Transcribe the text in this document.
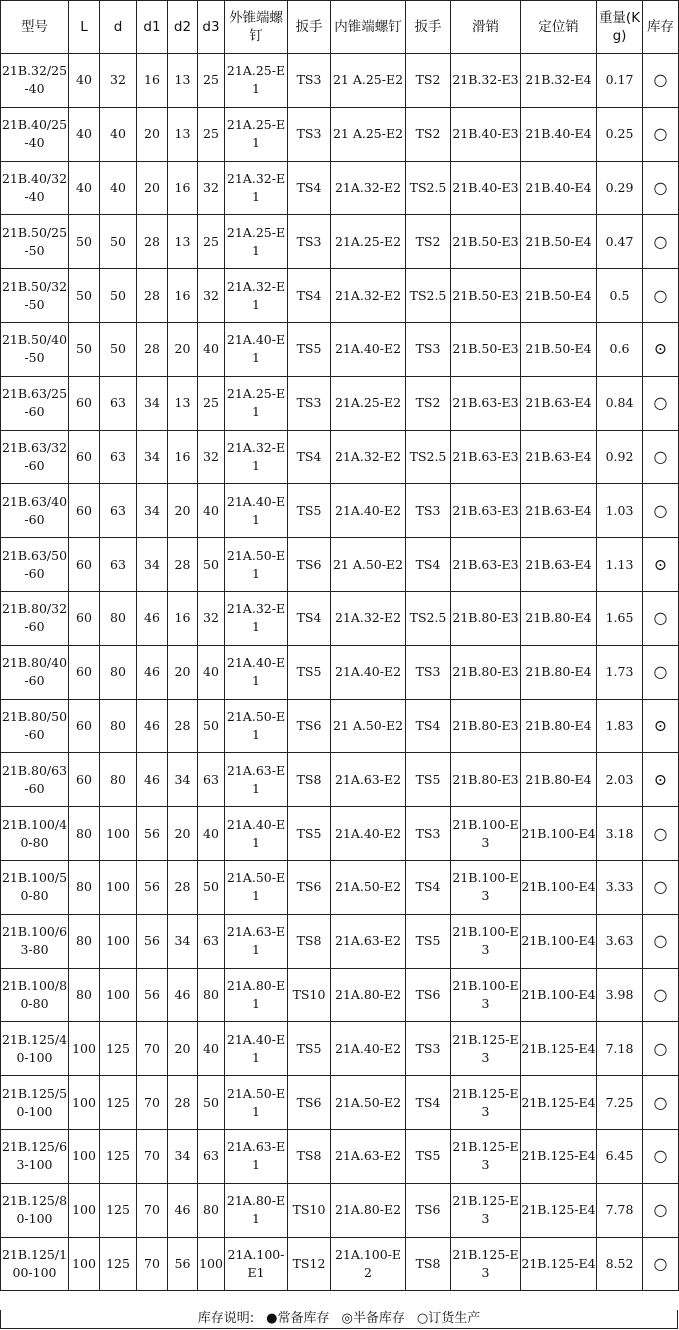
型号	L	d	d1	d2	d3	外锥端螺钉	扳手	内锥端螺钉	扳手	滑销	定位销	重量(Kg)	库存
21B.32/25-40	40	32	16	13	25	21A.25-E1	TS3	21 A.25-E2	TS2	21B.32-E3	21B.32-E4	0.17	○
21B.40/25-40	40	40	20	13	25	21A.25-E1	TS3	21 A.25-E2	TS2	21B.40-E3	21B.40-E4	0.25	○
21B.40/32-40	40	40	20	16	32	21A.32-E1	TS4	21A.32-E2	TS2.5	21B.40-E3	21B.40-E4	0.29	○
21B.50/25-50	50	50	28	13	25	21A.25-E1	TS3	21A.25-E2	TS2	21B.50-E3	21B.50-E4	0.47	○
21B.50/32-50	50	50	28	16	32	21A.32-E1	TS4	21A.32-E2	TS2.5	21B.50-E3	21B.50-E4	0.5	○
21B.50/40-50	50	50	28	20	40	21A.40-E1	TS5	21A.40-E2	TS3	21B.50-E3	21B.50-E4	0.6	⊙
21B.63/25-60	60	63	34	13	25	21A.25-E1	TS3	21A.25-E2	TS2	21B.63-E3	21B.63-E4	0.84	○
21B.63/32-60	60	63	34	16	32	21A.32-E1	TS4	21A.32-E2	TS2.5	21B.63-E3	21B.63-E4	0.92	○
21B.63/40-60	60	63	34	20	40	21A.40-E1	TS5	21A.40-E2	TS3	21B.63-E3	21B.63-E4	1.03	○
21B.63/50-60	60	63	34	28	50	21A.50-E1	TS6	21 A.50-E2	TS4	21B.63-E3	21B.63-E4	1.13	⊙
21B.80/32-60	60	80	46	16	32	21A.32-E1	TS4	21A.32-E2	TS2.5	21B.80-E3	21B.80-E4	1.65	○
21B.80/40-60	60	80	46	20	40	21A.40-E1	TS5	21A.40-E2	TS3	21B.80-E3	21B.80-E4	1.73	○
21B.80/50-60	60	80	46	28	50	21A.50-E1	TS6	21 A.50-E2	TS4	21B.80-E3	21B.80-E4	1.83	⊙
21B.80/63-60	60	80	46	34	63	21A.63-E1	TS8	21A.63-E2	TS5	21B.80-E3	21B.80-E4	2.03	⊙
21B.100/40-80	80	100	56	20	40	21A.40-E1	TS5	21A.40-E2	TS3	21B.100-E3	21B.100-E4	3.18	○
21B.100/50-80	80	100	56	28	50	21A.50-E1	TS6	21A.50-E2	TS4	21B.100-E3	21B.100-E4	3.33	○
21B.100/63-80	80	100	56	34	63	21A.63-E1	TS8	21A.63-E2	TS5	21B.100-E3	21B.100-E4	3.63	○
21B.100/80-80	80	100	56	46	80	21A.80-E1	TS10	21A.80-E2	TS6	21B.100-E3	21B.100-E4	3.98	○
21B.125/40-100	100	125	70	20	40	21A.40-E1	TS5	21A.40-E2	TS3	21B.125-E3	21B.125-E4	7.18	○
21B.125/50-100	100	125	70	28	50	21A.50-E1	TS6	21A.50-E2	TS4	21B.125-E3	21B.125-E4	7.25	○
21B.125/63-100	100	125	70	34	63	21A.63-E1	TS8	21A.63-E2	TS5	21B.125-E3	21B.125-E4	6.45	○
21B.125/80-100	100	125	70	46	80	21A.80-E1	TS10	21A.80-E2	TS6	21B.125-E3	21B.125-E4	7.78	○
21B.125/100-100	100	125	70	56	100	21A.100-E1	TS12	21A.100-E2	TS8	21B.125-E3	21B.125-E4	8.52	○
库存说明: ●常备库存 ◎半备库存 ○订货生产
